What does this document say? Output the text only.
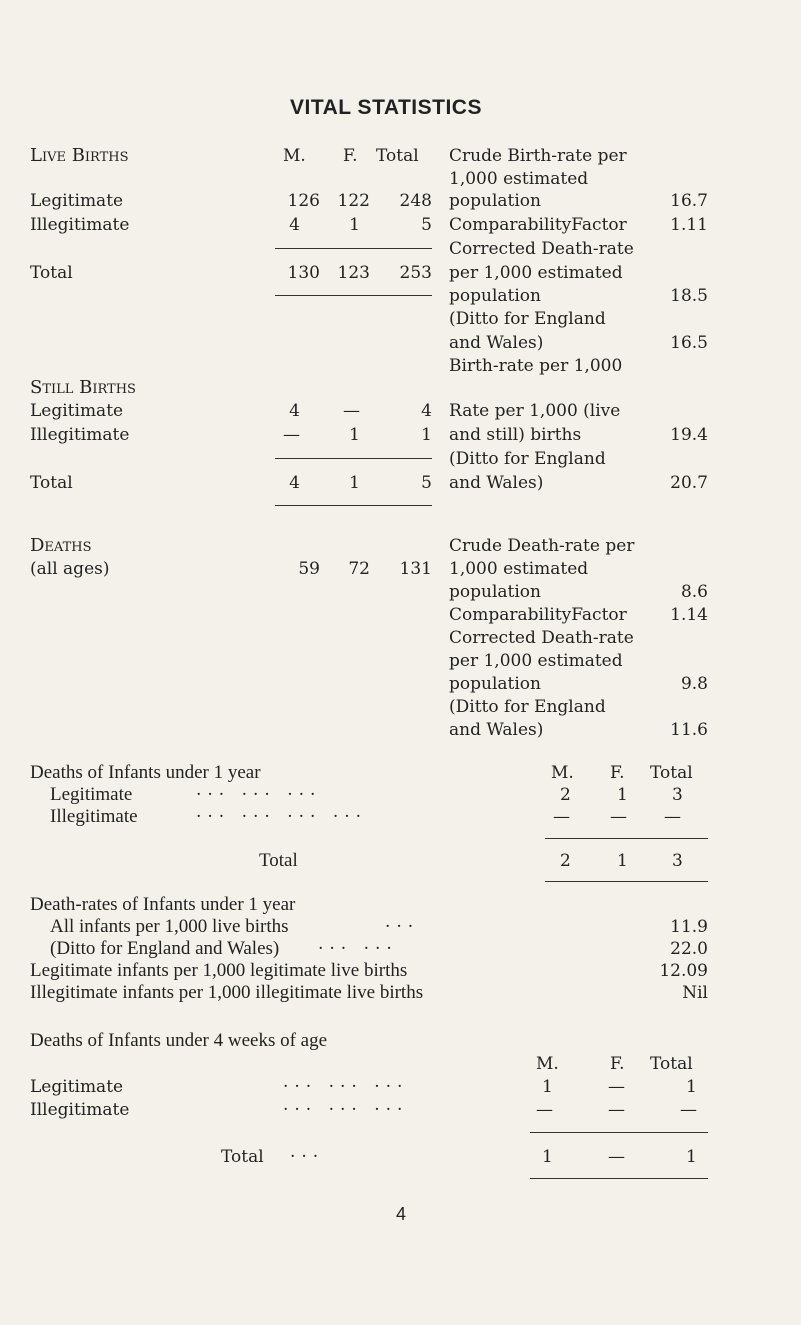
VITAL STATISTICS
Live Births	M. F. Total
Legitimate	126	122	248
Illegitimate	4	1	5
Total	130	123	253
Crude Birth-rate per
1,000 estimated
population	16.7
ComparabilityFactor	1.11
Corrected Death-rate
per 1,000 estimated
population	18.5
(Ditto for England
and Wales)	16.5
Birth-rate per 1,000
Still Births
Legitimate	4	—	4
Illegitimate	—	1	1
Total	4	1	5
Rate per 1,000 (live
and still) births	19.4
(Ditto for England
and Wales)	20.7
Deaths
(all ages)	59	72	131
Crude Death-rate per
1,000 estimated
population	8.6
ComparabilityFactor	1.14
Corrected Death-rate
per 1,000 estimated
population	9.8
(Ditto for England
and Wales)	11.6
Deaths of Infants under 1 year	M. F. Total
Legitimate	... ... ...	2	1	3
Illegitimate	... ... ... ...	— — —
Total	2	1	3
Death-rates of Infants under 1 year
All infants per 1,000 live births	...	11.9
(Ditto for England and Wales) ... ...	22.0
Legitimate infants per 1,000 legitimate live births	12.09
Illegitimate infants per 1,000 illegitimate live births	Nil
Deaths of Infants under 4 weeks of age
M.	F. Total
Legitimate	... ... ...	1	—	1
Illegitimate	... ... ...	—	—	—
Total ...	1	—	1
4
